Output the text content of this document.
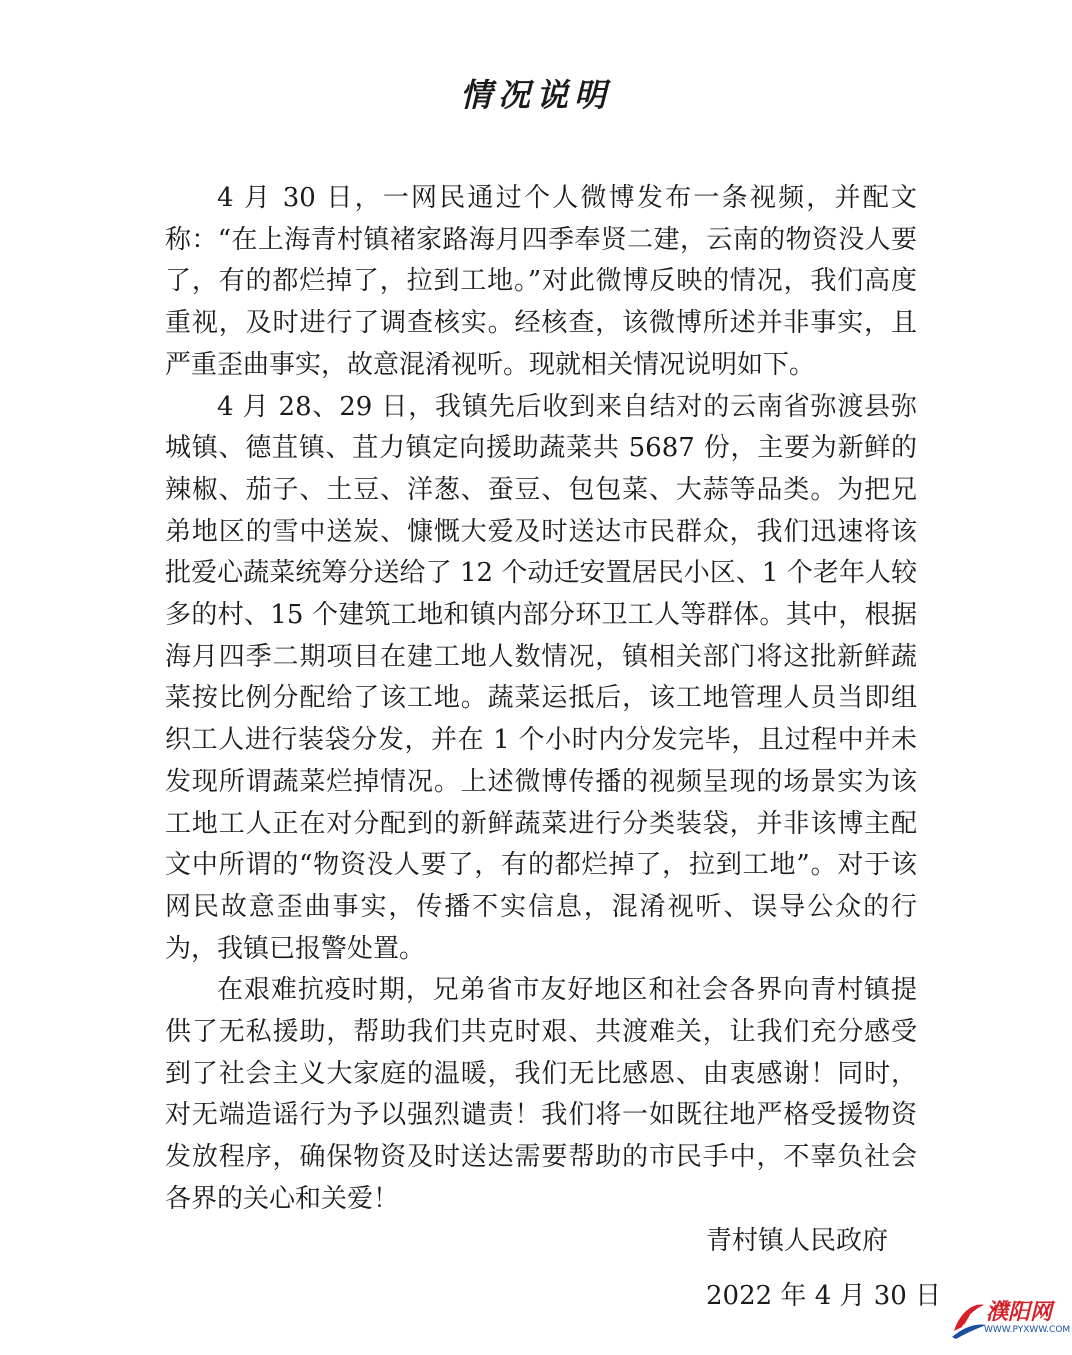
情况说明

4 月 30 日，一网民通过个人微博发布一条视频，并配文称：“在上海青村镇褚家路海月四季奉贤二建，云南的物资没人要了，有的都烂掉了，拉到工地。”对此微博反映的情况，我们高度重视，及时进行了调查核实。经核查，该微博所述并非事实，且严重歪曲事实，故意混淆视听。现就相关情况说明如下。

4 月 28、29 日，我镇先后收到来自结对的云南省弥渡县弥城镇、德苴镇、苴力镇定向援助蔬菜共 5687 份，主要为新鲜的辣椒、茄子、土豆、洋葱、蚕豆、包包菜、大蒜等品类。为把兄弟地区的雪中送炭、慷慨大爱及时送达市民群众，我们迅速将该批爱心蔬菜统筹分送给了 12 个动迁安置居民小区、1 个老年人较多的村、15 个建筑工地和镇内部分环卫工人等群体。其中，根据海月四季二期项目在建工地人数情况，镇相关部门将这批新鲜蔬菜按比例分配给了该工地。蔬菜运抵后，该工地管理人员当即组织工人进行装袋分发，并在 1 个小时内分发完毕，且过程中并未发现所谓蔬菜烂掉情况。上述微博传播的视频呈现的场景实为该工地工人正在对分配到的新鲜蔬菜进行分类装袋，并非该博主配文中所谓的“物资没人要了，有的都烂掉了，拉到工地”。对于该网民故意歪曲事实，传播不实信息，混淆视听、误导公众的行为，我镇已报警处置。

在艰难抗疫时期，兄弟省市友好地区和社会各界向青村镇提供了无私援助，帮助我们共克时艰、共渡难关，让我们充分感受到了社会主义大家庭的温暖，我们无比感恩、由衷感谢！同时，对无端造谣行为予以强烈谴责！我们将一如既往地严格受援物资发放程序，确保物资及时送达需要帮助的市民手中，不辜负社会各界的关心和关爱！

青村镇人民政府
2022 年 4 月 30 日
濮阳网
WWW.PYXWW.COM
